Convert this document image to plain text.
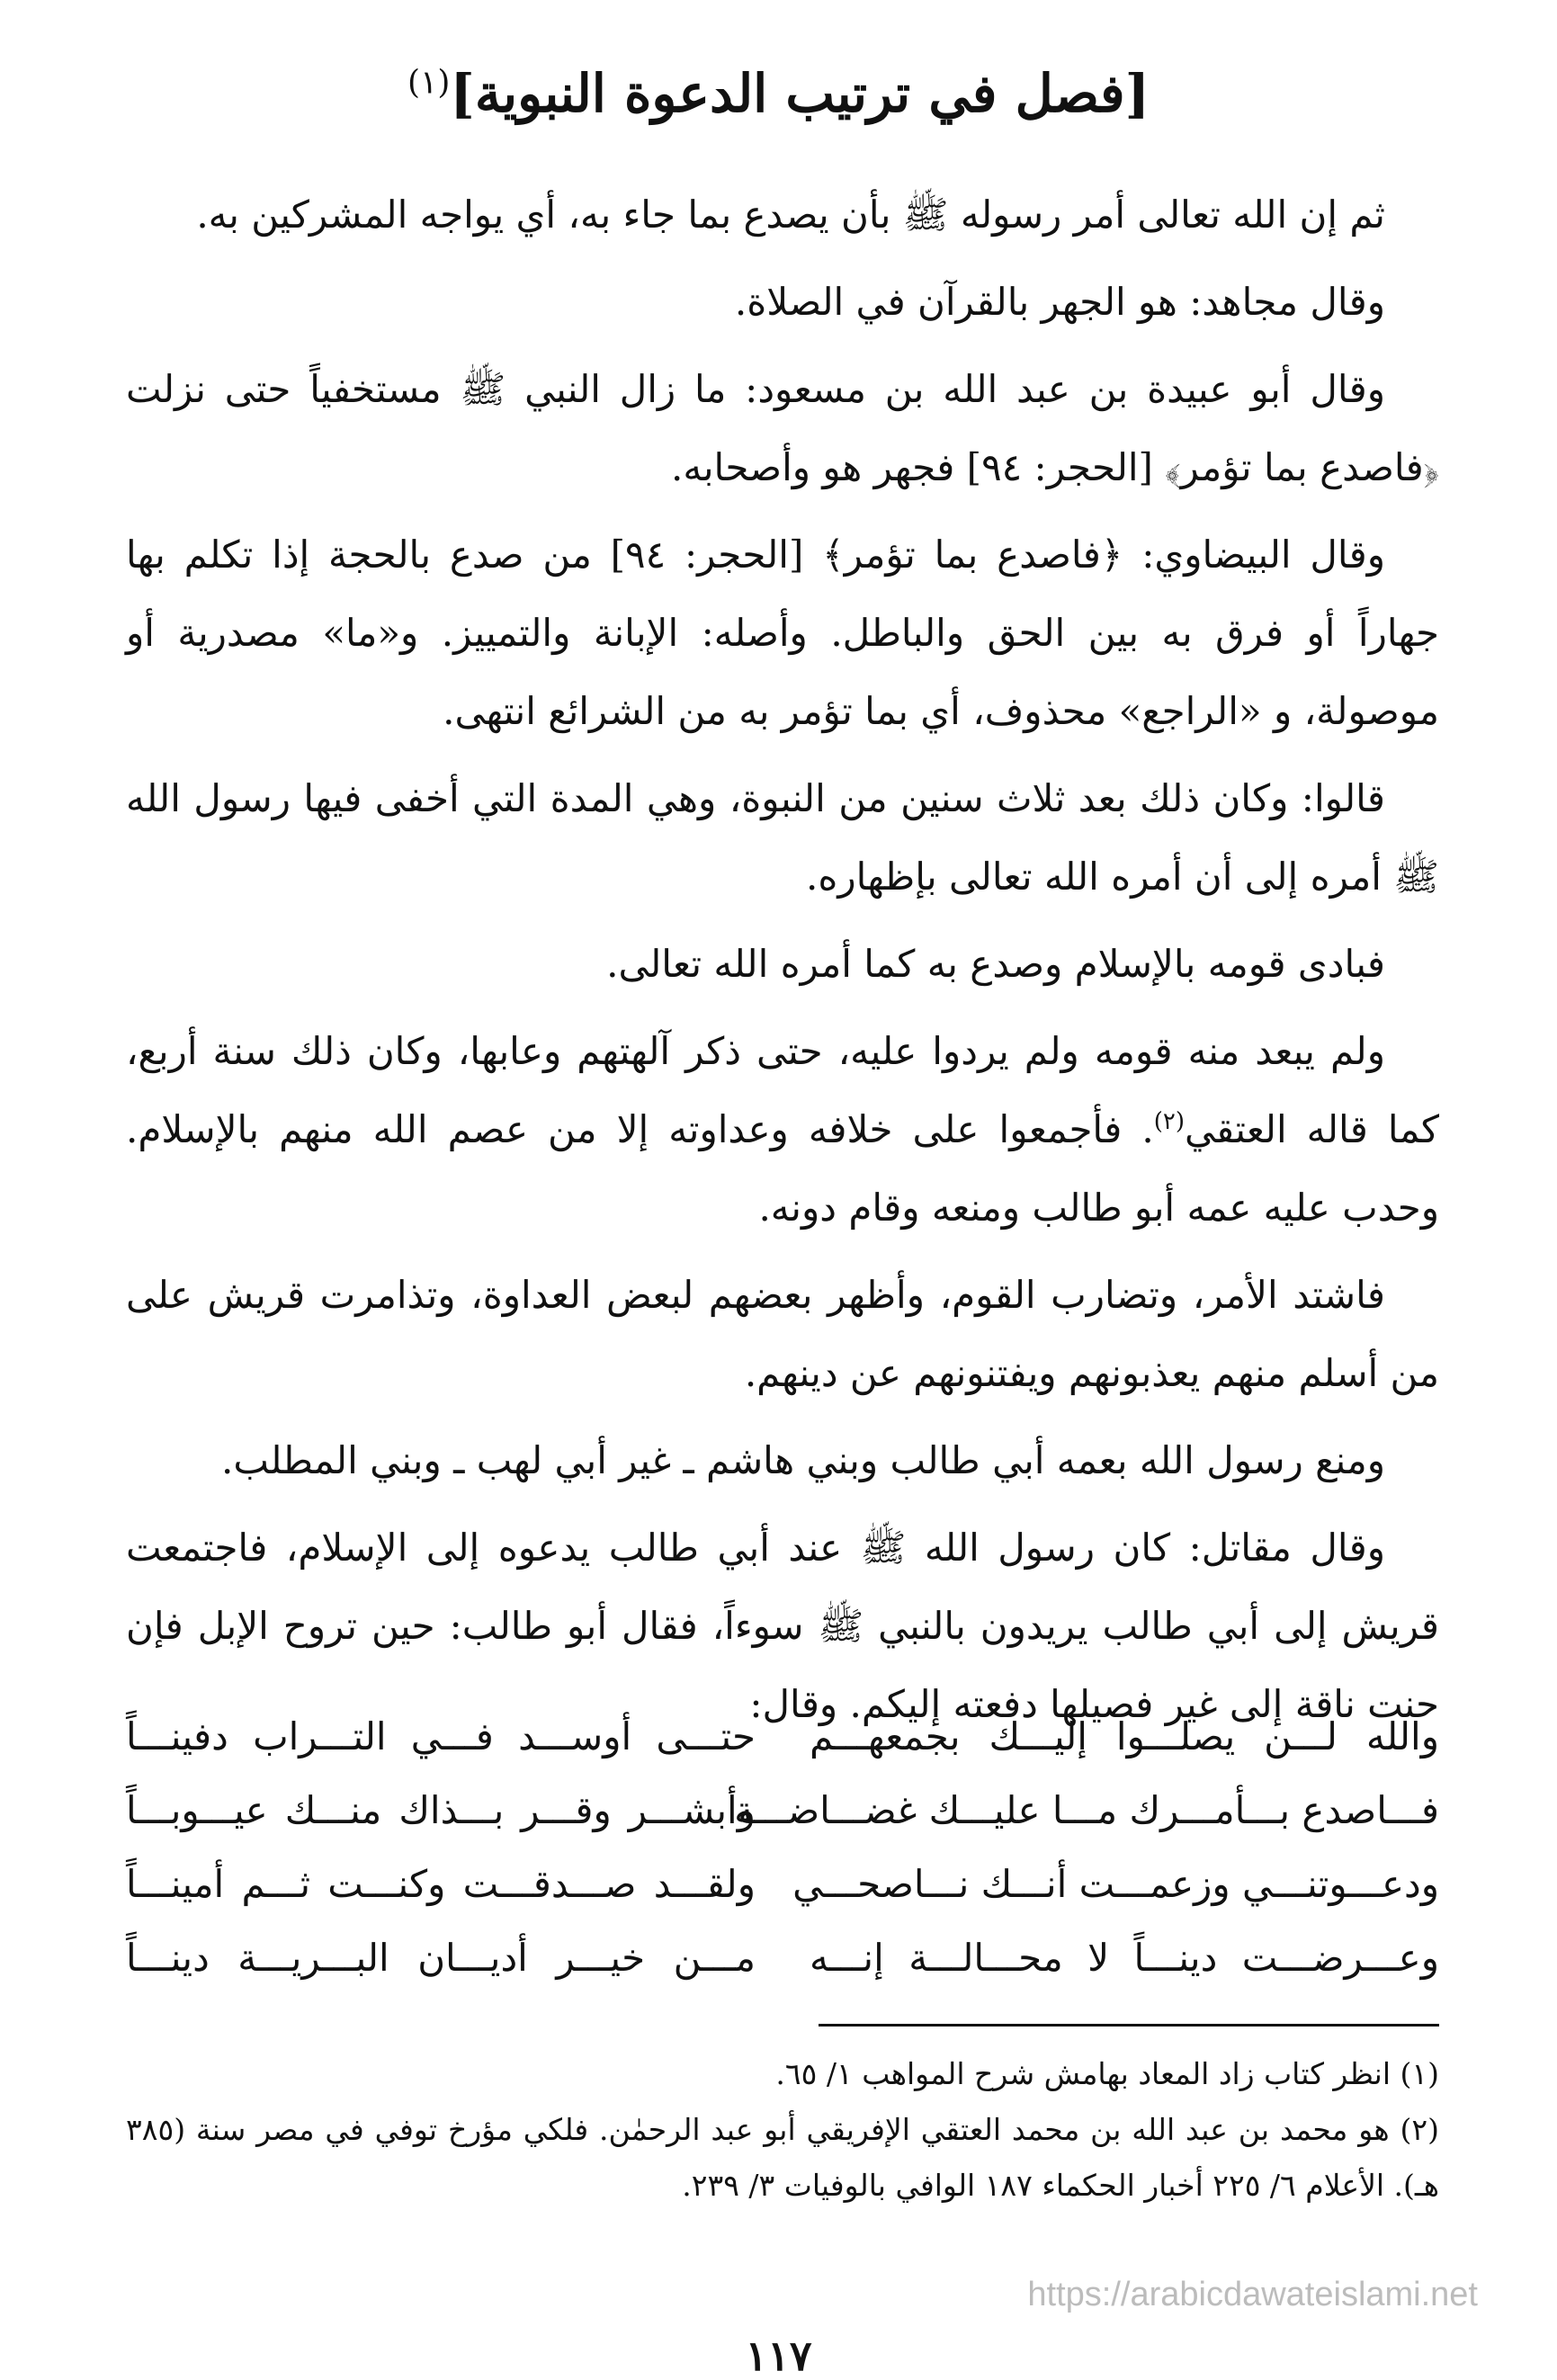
[فصل في ترتيب الدعوة النبوية]$^{(١)}$

ثم إن الله تعالى أمر رسوله ﷺ بأن يصدع بما جاء به، أي يواجه المشركين به.

وقال مجاهد: هو الجهر بالقرآن في الصلاة.

وقال أبو عبيدة بن عبد الله بن مسعود: ما زال النبي ﷺ مستخفياً حتى نزلت ﴿فاصدع بما تؤمر﴾ [الحجر: ٩٤] فجهر هو وأصحابه.

وقال البيضاوي: ﴿فاصدع بما تؤمر﴾ [الحجر: ٩٤] من صدع بالحجة إذا تكلم بها جهاراً أو فرق به بين الحق والباطل. وأصله: الإبانة والتمييز. و«ما» مصدرية أو موصولة، و «الراجع» محذوف، أي بما تؤمر به من الشرائع انتهى.

قالوا: وكان ذلك بعد ثلاث سنين من النبوة، وهي المدة التي أخفى فيها رسول الله ﷺ أمره إلى أن أمره الله تعالى بإظهاره.

فبادى قومه بالإسلام وصدع به كما أمره الله تعالى.

ولم يبعد منه قومه ولم يردوا عليه، حتى ذكر آلهتهم وعابها، وكان ذلك سنة أربع، كما قاله العتقي$^{(٢)}$. فأجمعوا على خلافه وعداوته إلا من عصم الله منهم بالإسلام. وحدب عليه عمه أبو طالب ومنعه وقام دونه.

فاشتد الأمر، وتضارب القوم، وأظهر بعضهم لبعض العداوة، وتذامرت قريش على من أسلم منهم يعذبونهم ويفتنونهم عن دينهم.

ومنع رسول الله بعمه أبي طالب وبني هاشم ـ غير أبي لهب ـ وبني المطلب.

وقال مقاتل: كان رسول الله ﷺ عند أبي طالب يدعوه إلى الإسلام، فاجتمعت قريش إلى أبي طالب يريدون بالنبي ﷺ سوءاً، فقال أبو طالب: حين تروح الإبل فإن حنت ناقة إلى غير فصيلها دفعته إليكم. وقال:

والله لـــن يصلـــوا إليـــك بجمعهـــم
حتـــى أوســـد فـــي التـــراب دفينـــاً
فـــاصدع بـــأمـــرك مـــا عليـــك غضـــاضـــة
وأبشـــر وقـــر بـــذاك منـــك عيـــوبـــاً
ودعـــوتنـــي وزعمـــت أنـــك نـــاصحـــي
ولقـــد صـــدقـــت وكنـــت ثـــم أمينـــاً
وعـــرضـــت دينـــاً لا محـــالـــة إنـــه
مـــن خيـــر أديـــان البـــريـــة دينـــاً

(١) انظر كتاب زاد المعاد بهامش شرح المواهب ١/ ٦٥.

(٢) هو محمد بن عبد الله بن محمد العتقي الإفريقي أبو عبد الرحمٰن. فلكي مؤرخ توفي في مصر سنة (٣٨٥ هـ). الأعلام ٦/ ٢٢٥ أخبار الحكماء ١٨٧ الوافي بالوفيات ٣/ ٢٣٩.

https://arabicdawateislami.net
١١٧
